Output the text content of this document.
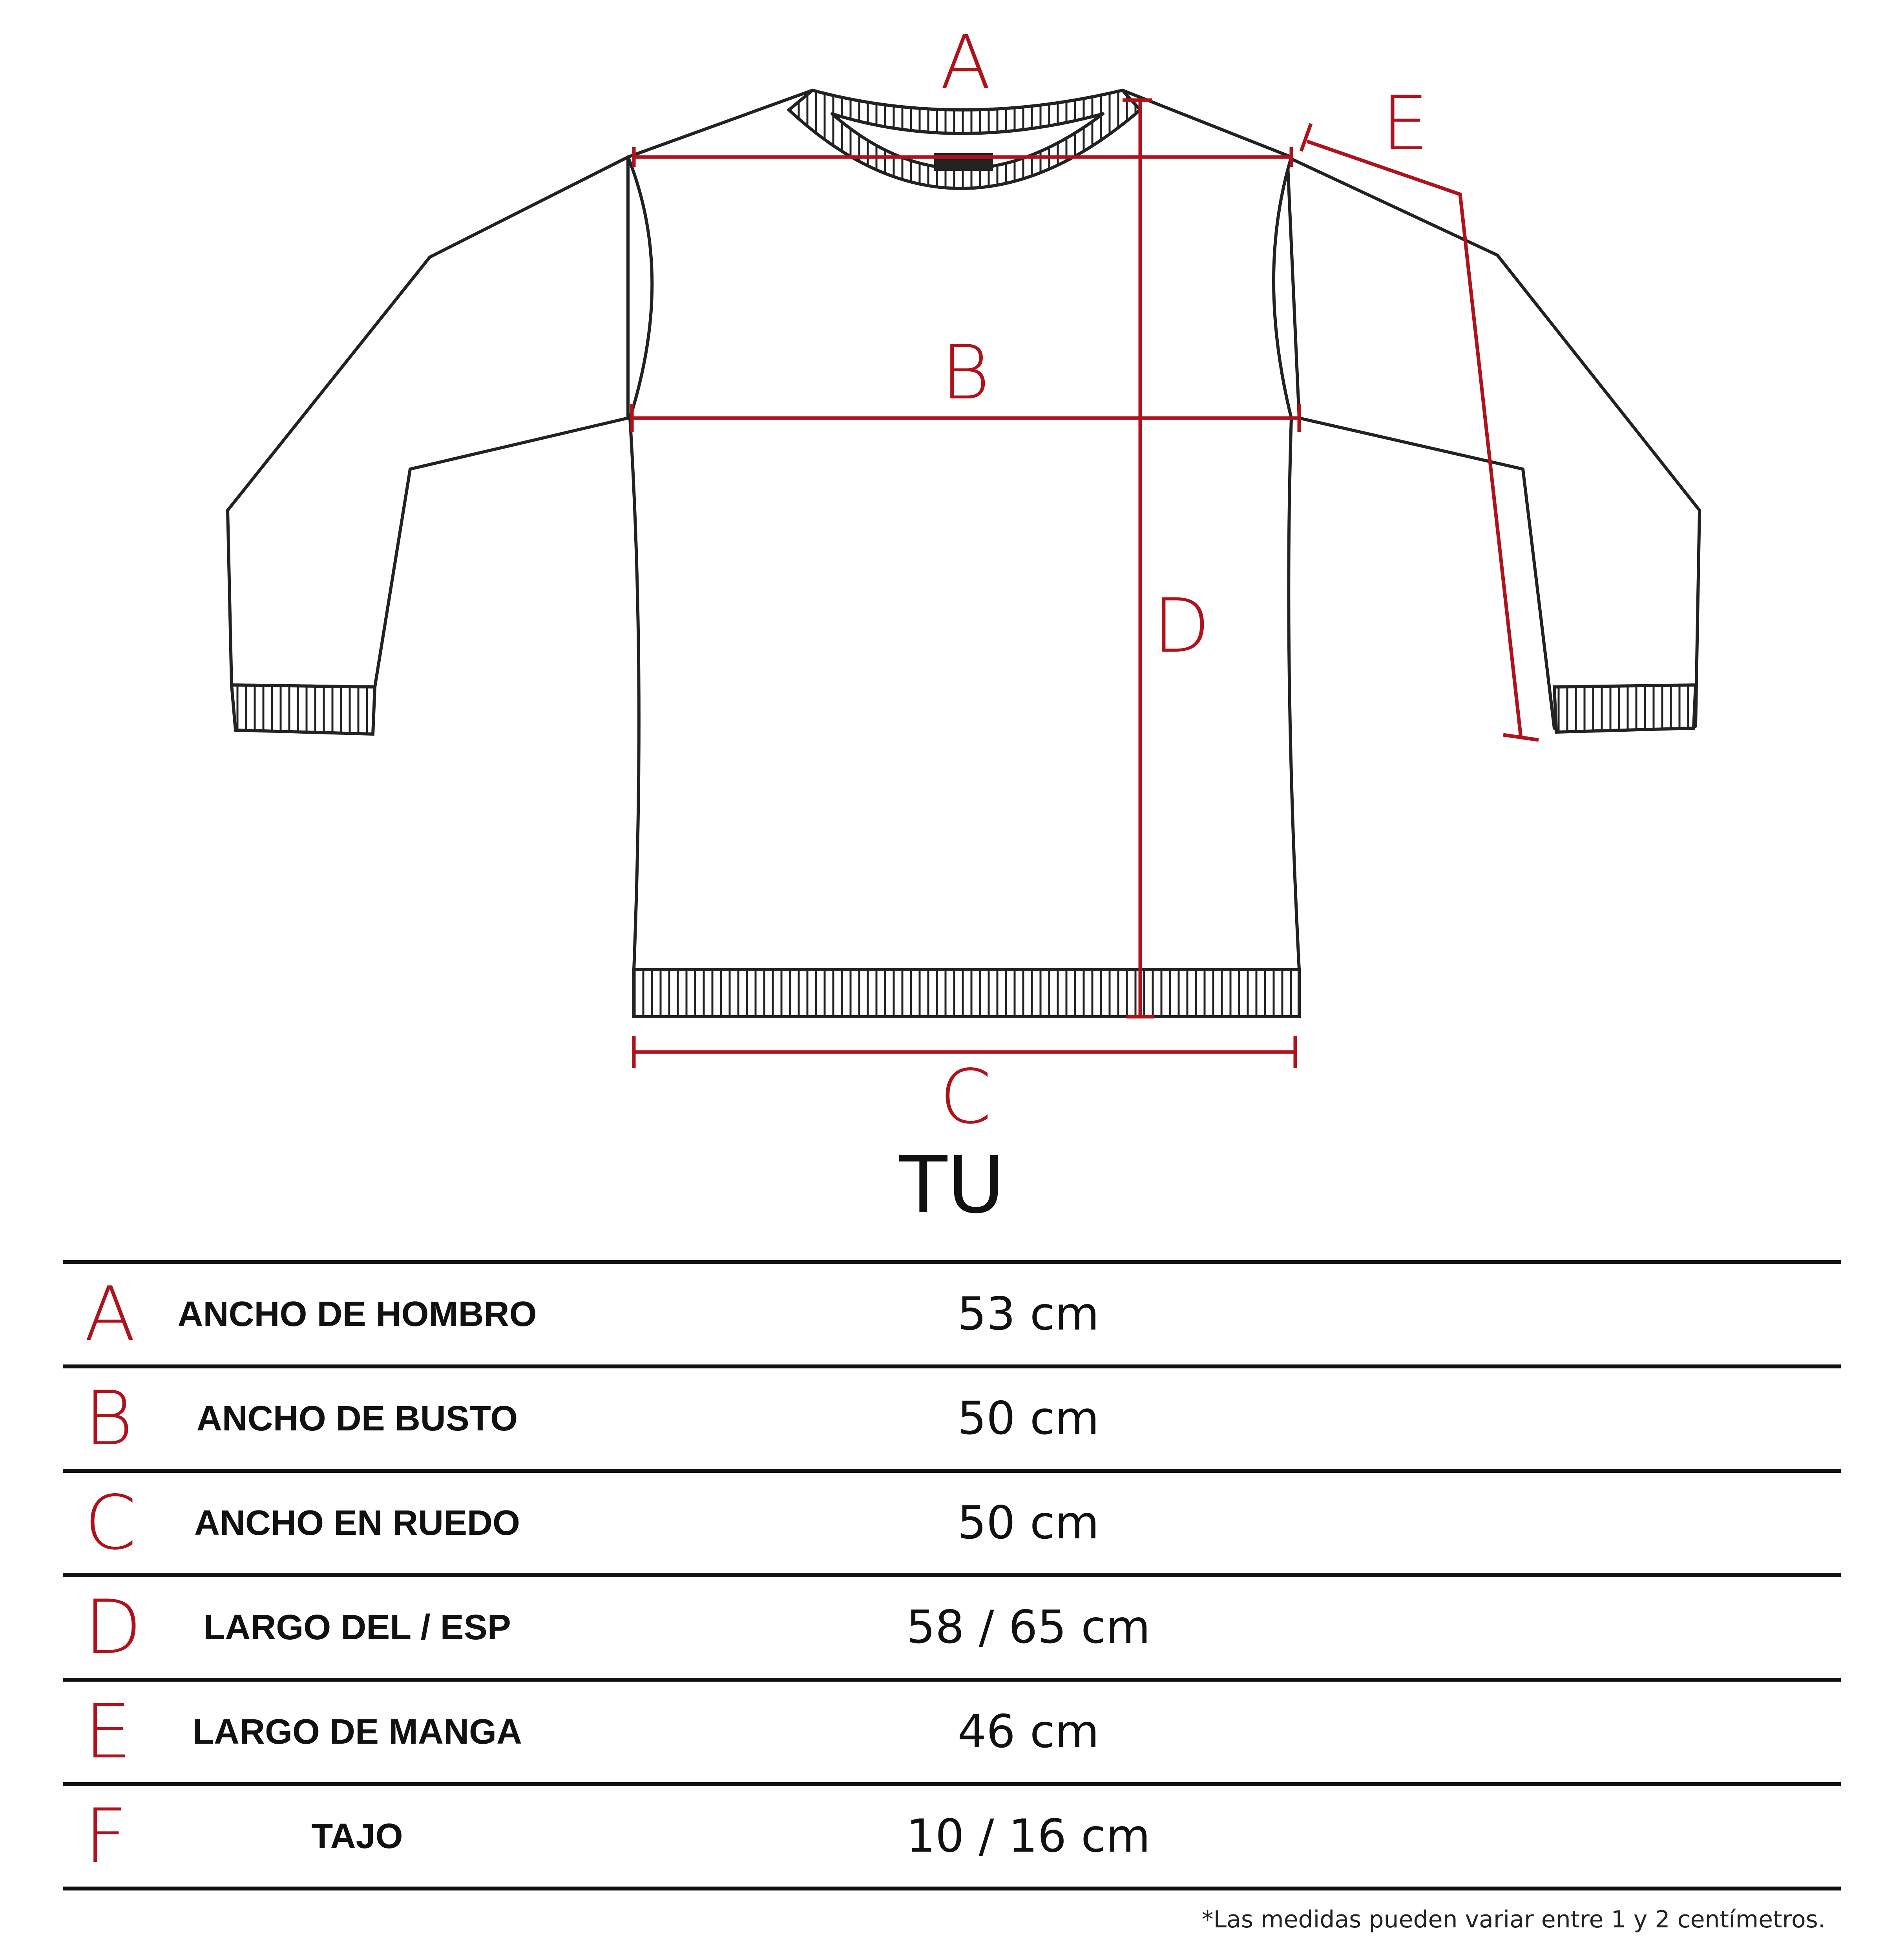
A
B
C
D
E
TU
A	ANCHO DE HOMBRO	53 cm
B	ANCHO DE BUSTO	50 cm
C	ANCHO EN RUEDO	50 cm
D	LARGO DEL / ESP	58 / 65 cm
E	LARGO DE MANGA	46 cm
F	TAJO	10 / 16 cm
*Las medidas pueden variar entre 1 y 2 centímetros.
